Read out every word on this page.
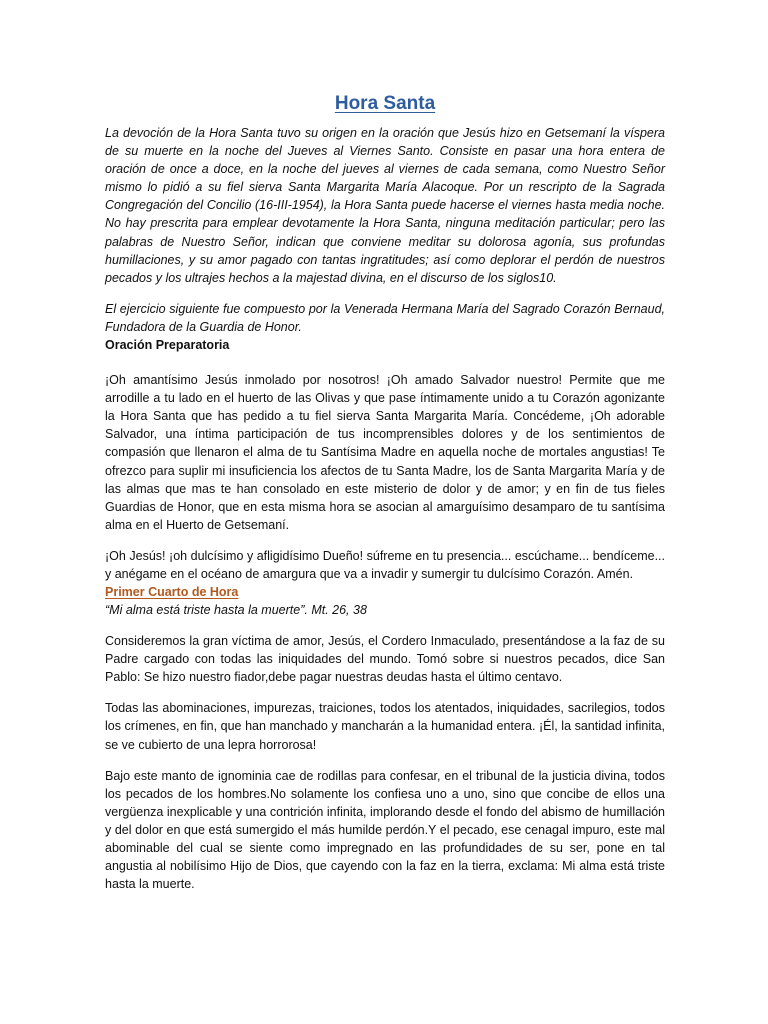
Hora Santa

La devoción de la Hora Santa tuvo su origen en la oración que Jesús hizo en Getsemaní la víspera de su muerte en la noche del Jueves al Viernes Santo. Consiste en pasar una hora entera de oración de once a doce, en la noche del jueves al viernes de cada semana, como Nuestro Señor mismo lo pidió a su fiel sierva Santa Margarita María Alacoque. Por un rescripto de la Sagrada Congregación del Concilio (16-III-1954), la Hora Santa puede hacerse el viernes hasta media noche. No hay prescrita para emplear devotamente la Hora Santa, ninguna meditación particular; pero las palabras de Nuestro Señor, indican que conviene meditar su dolorosa agonía, sus profundas humillaciones, y su amor pagado con tantas ingratitudes; así como deplorar el perdón de nuestros pecados y los ultrajes hechos a la majestad divina, en el discurso de los siglos10.

El ejercicio siguiente fue compuesto por la Venerada Hermana María del Sagrado Corazón Bernaud, Fundadora de la Guardia de Honor.

Oración Preparatoria

¡Oh amantísimo Jesús inmolado por nosotros! ¡Oh amado Salvador nuestro! Permite que me arrodille a tu lado en el huerto de las Olivas y que pase íntimamente unido a tu Corazón agonizante la Hora Santa que has pedido a tu fiel sierva Santa Margarita María. Concédeme, ¡Oh adorable Salvador, una íntima participación de tus incomprensibles dolores y de los sentimientos de compasión que llenaron el alma de tu Santísima Madre en aquella noche de mortales angustias! Te ofrezco para suplir mi insuficiencia los afectos de tu Santa Madre, los de Santa Margarita María y de las almas que mas te han consolado en este misterio de dolor y de amor; y en fin de tus fieles Guardias de Honor, que en esta misma hora se asocian al amarguísimo desamparo de tu santísima alma en el Huerto de Getsemaní.

¡Oh Jesús! ¡oh dulcísimo y afligidísimo Dueño! súfreme en tu presencia... escúchame... bendíceme... y anégame en el océano de amargura que va a invadir y sumergir tu dulcísimo Corazón. Amén.

Primer Cuarto de Hora

“Mi alma está triste hasta la muerte”. Mt. 26, 38

Consideremos la gran víctima de amor, Jesús, el Cordero Inmaculado, presentándose a la faz de su Padre cargado con todas las iniquidades del mundo. Tomó sobre si nuestros pecados, dice San Pablo: Se hizo nuestro fiador,debe pagar nuestras deudas hasta el último centavo.

Todas las abominaciones, impurezas, traiciones, todos los atentados, iniquidades, sacrilegios, todos los crímenes, en fin, que han manchado y mancharán a la humanidad entera. ¡Él, la santidad infinita, se ve cubierto de una lepra horrorosa!

Bajo este manto de ignominia cae de rodillas para confesar, en el tribunal de la justicia divina, todos los pecados de los hombres.No solamente los confiesa uno a uno, sino que concibe de ellos una vergüenza inexplicable y una contrición infinita, implorando desde el fondo del abismo de humillación y del dolor en que está sumergido el más humilde perdón.Y el pecado, ese cenagal impuro, este mal abominable del cual se siente como impregnado en las profundidades de su ser, pone en tal angustia al nobilísimo Hijo de Dios, que cayendo con la faz en la tierra, exclama: Mi alma está triste hasta la muerte.
